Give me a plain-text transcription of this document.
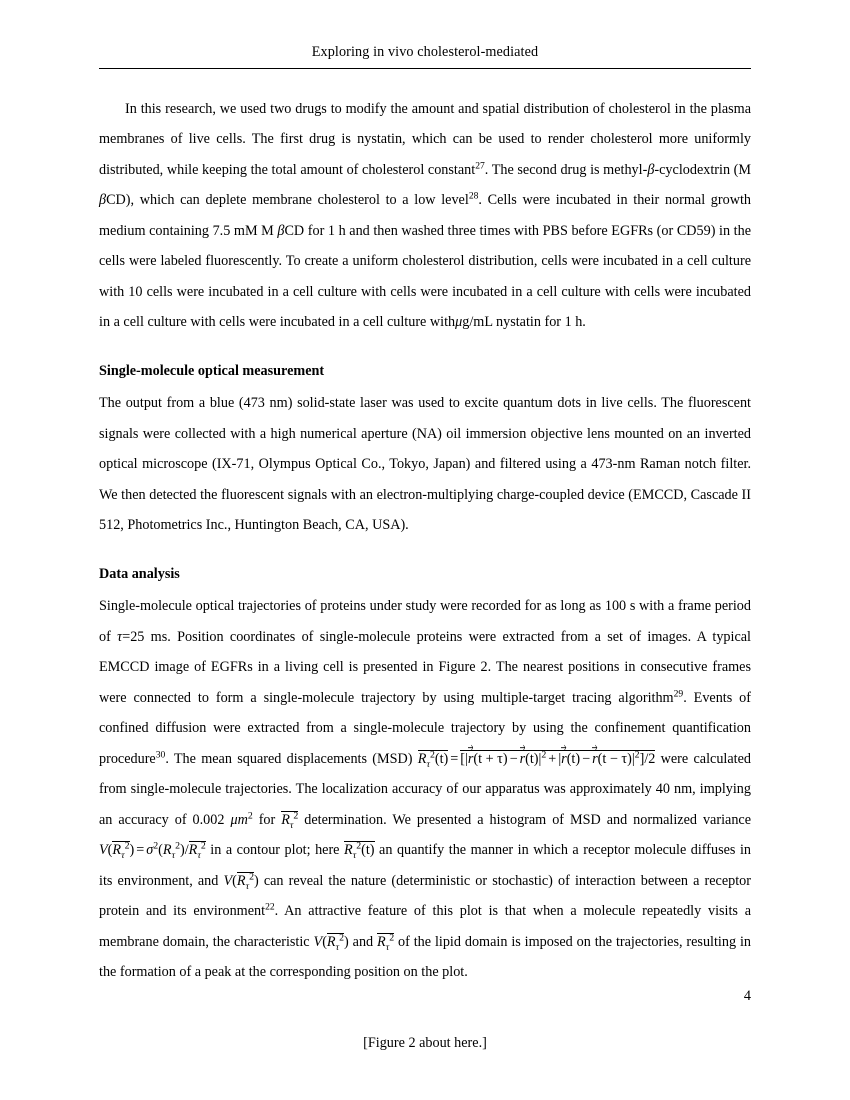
Exploring in vivo cholesterol-mediated

In this research, we used two drugs to modify the amount and spatial distribution of cholesterol in the plasma membranes of live cells. The first drug is nystatin, which can be used to render cholesterol more uniformly distributed, while keeping the total amount of cholesterol constant$^{27}$. The second drug is methyl-β-cyclodextrin (M βCD), which can deplete membrane cholesterol to a low level$^{28}$. Cells were incubated in their normal growth medium containing 7.5 mM M βCD for 1 h and then washed three times with PBS before EGFRs (or CD59) in the cells were labeled fluorescently. To create a uniform cholesterol distribution, cells were incubated in a cell culture with 10 cells were incubated in a cell culture with cells were incubated in a cell culture with cells were incubated in a cell culture with cells were incubated in a cell culture withμg/mL nystatin for 1 h.

Single-molecule optical measurement

The output from a blue (473 nm) solid-state laser was used to excite quantum dots in live cells. The fluorescent signals were collected with a high numerical aperture (NA) oil immersion objective lens mounted on an inverted optical microscope (IX-71, Olympus Optical Co., Tokyo, Japan) and filtered using a 473-nm Raman notch filter. We then detected the fluorescent signals with an electron-multiplying charge-coupled device (EMCCD, Cascade II 512, Photometrics Inc., Huntington Beach, CA, USA).

Data analysis

Single-molecule optical trajectories of proteins under study were recorded for as long as 100 s with a frame period of τ=25 ms. Position coordinates of single-molecule proteins were extracted from a set of images. A typical EMCCD image of EGFRs in a living cell is presented in Figure 2. The nearest positions in consecutive frames were connected to form a single-molecule trajectory by using multiple-target tracing algorithm$^{29}$. Events of confined diffusion were extracted from a single-molecule trajectory by using the confinement quantification procedure$^{30}$. The mean squared displacements (MSD) $R_\tau^2(t)$ = [|
$r(t + \tau) - r(t)|^2$ + |
$r(t) - r(t - \tau)|^2]/2$ were calculated from single-molecule trajectories. The localization accuracy of our apparatus was approximately 40 nm, implying an accuracy of 0.002 $\mu m^2$ for $R_\tau^2$ determination. We presented a histogram of MSD and normalized variance $V(R_\tau^2) = \sigma^2(R_\tau^2)/R_\tau^2$ in a contour plot; here $R_\tau^2(t)$ an quantify the manner in which a receptor molecule diffuses in its environment, and $V(R_\tau^2)$ can reveal the nature (deterministic or stochastic) of interaction between a receptor protein and its environment$^{22}$. An attractive feature of this plot is that when a molecule repeatedly visits a membrane domain, the characteristic $V(R_\tau^2)$ and $R_\tau^2$ of the lipid domain is imposed on the trajectories, resulting in the formation of a peak at the corresponding position on the plot.

[Figure 2 about here.]

4
